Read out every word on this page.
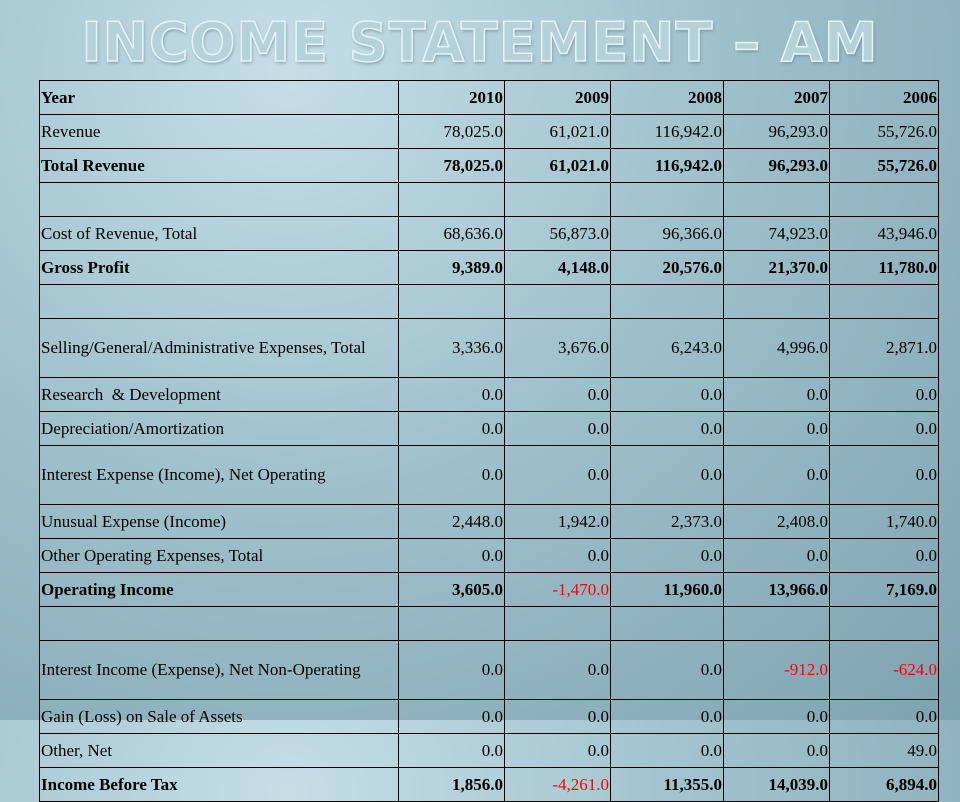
INCOME STATEMENT – AM
Year	2010	2009	2008	2007	2006
Revenue	78,025.0	61,021.0	116,942.0	96,293.0	55,726.0
Total Revenue	78,025.0	61,021.0	116,942.0	96,293.0	55,726.0

Cost of Revenue, Total	68,636.0	56,873.0	96,366.0	74,923.0	43,946.0
Gross Profit	9,389.0	4,148.0	20,576.0	21,370.0	11,780.0

Selling/General/Administrative Expenses, Total	3,336.0	3,676.0	6,243.0	4,996.0	2,871.0
Research  & Development	0.0	0.0	0.0	0.0	0.0
Depreciation/Amortization	0.0	0.0	0.0	0.0	0.0
Interest Expense (Income), Net Operating	0.0	0.0	0.0	0.0	0.0
Unusual Expense (Income)	2,448.0	1,942.0	2,373.0	2,408.0	1,740.0
Other Operating Expenses, Total	0.0	0.0	0.0	0.0	0.0
Operating Income	3,605.0	-1,470.0	11,960.0	13,966.0	7,169.0

Interest Income (Expense), Net Non-Operating	0.0	0.0	0.0	-912.0	-624.0
Gain (Loss) on Sale of Assets	0.0	0.0	0.0	0.0	0.0
Other, Net	0.0	0.0	0.0	0.0	49.0
Income Before Tax	1,856.0	-4,261.0	11,355.0	14,039.0	6,894.0
